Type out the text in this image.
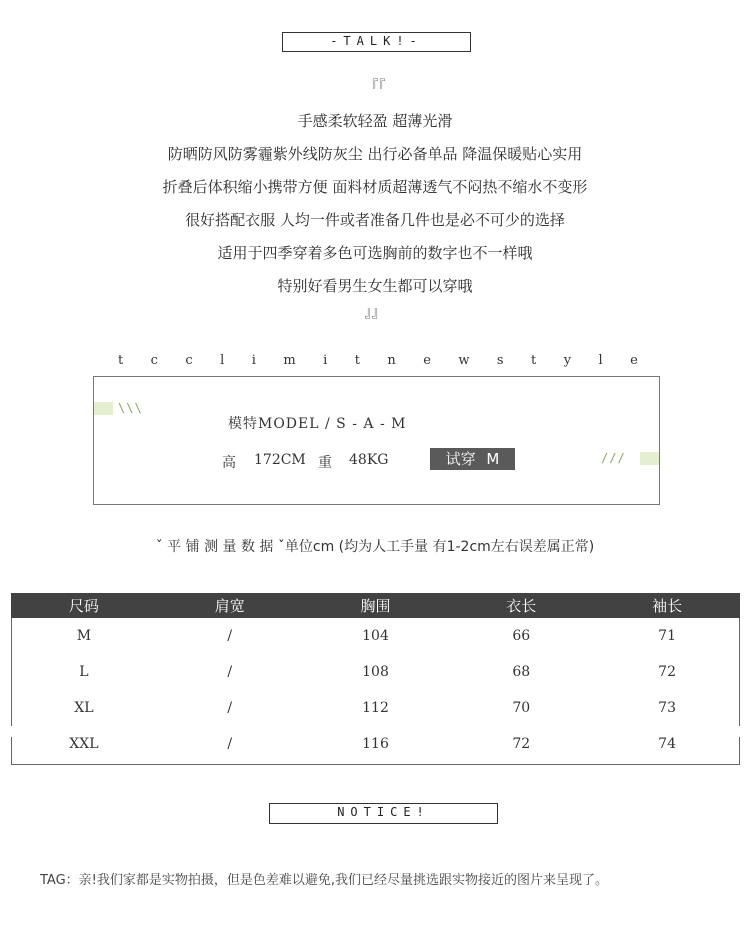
-TALK!-
『『
手感柔软轻盈 超薄光滑
防晒防风防雾霾紫外线防灰尘 出行必备单品 降温保暖贴心实用
折叠后体积缩小携带方便 面料材质超薄透气不闷热不缩水不变形
很好搭配衣服 人均一件或者准备几件也是必不可少的选择
适用于四季穿着多色可选胸前的数字也不一样哦
特别好看男生女生都可以穿哦
』』
t c c l i m i t n e w s t y l e
\\\
///
模特MODEL / S - A - M
高 172CM 重 48KG	试穿 M
ˇ 平 铺 测 量 数 据 ˇ单位cm (均为人工手量 有1-2cm左右误差属正常)
尺码	肩宽	胸围	衣长	袖长
M	/	104	66	71
L	/	108	68	72
XL	/	112	70	73
XXL	/	116	72	74
NOTICE!
TAG：亲!我们家都是实物拍摄，但是色差难以避免,我们已经尽量挑选跟实物接近的图片来呈现了。
